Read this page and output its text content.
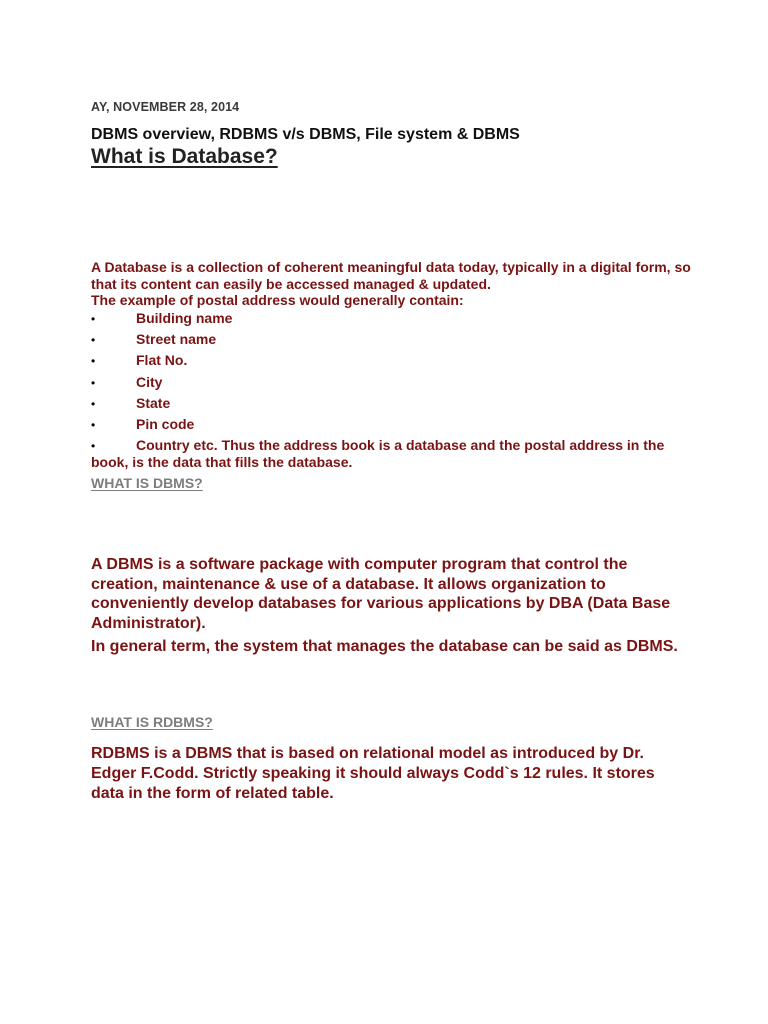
AY, NOVEMBER 28, 2014
DBMS overview, RDBMS v/s DBMS, File system & DBMS
What is Database?

A Database is a collection of coherent meaningful data today, typically in a digital form, so that its content can easily be accessed managed & updated.

The example of postal address would generally contain:

•	Building name
•	Street name
•	Flat No.
•	City
•	State
•	Pin code
•	Country etc. Thus the address book is a database and the postal address in the book, is the data that fills the database.
WHAT IS DBMS?

A DBMS is a software package with computer program that control the creation, maintenance & use of a database. It allows organization to conveniently develop databases for various applications by DBA (Data Base Administrator).

In general term, the system that manages the database can be said as DBMS.

WHAT IS RDBMS?

RDBMS is a DBMS that is based on relational model as introduced by Dr. Edger F.Codd. Strictly speaking it should always Codd`s 12 rules. It stores data in the form of related table.
